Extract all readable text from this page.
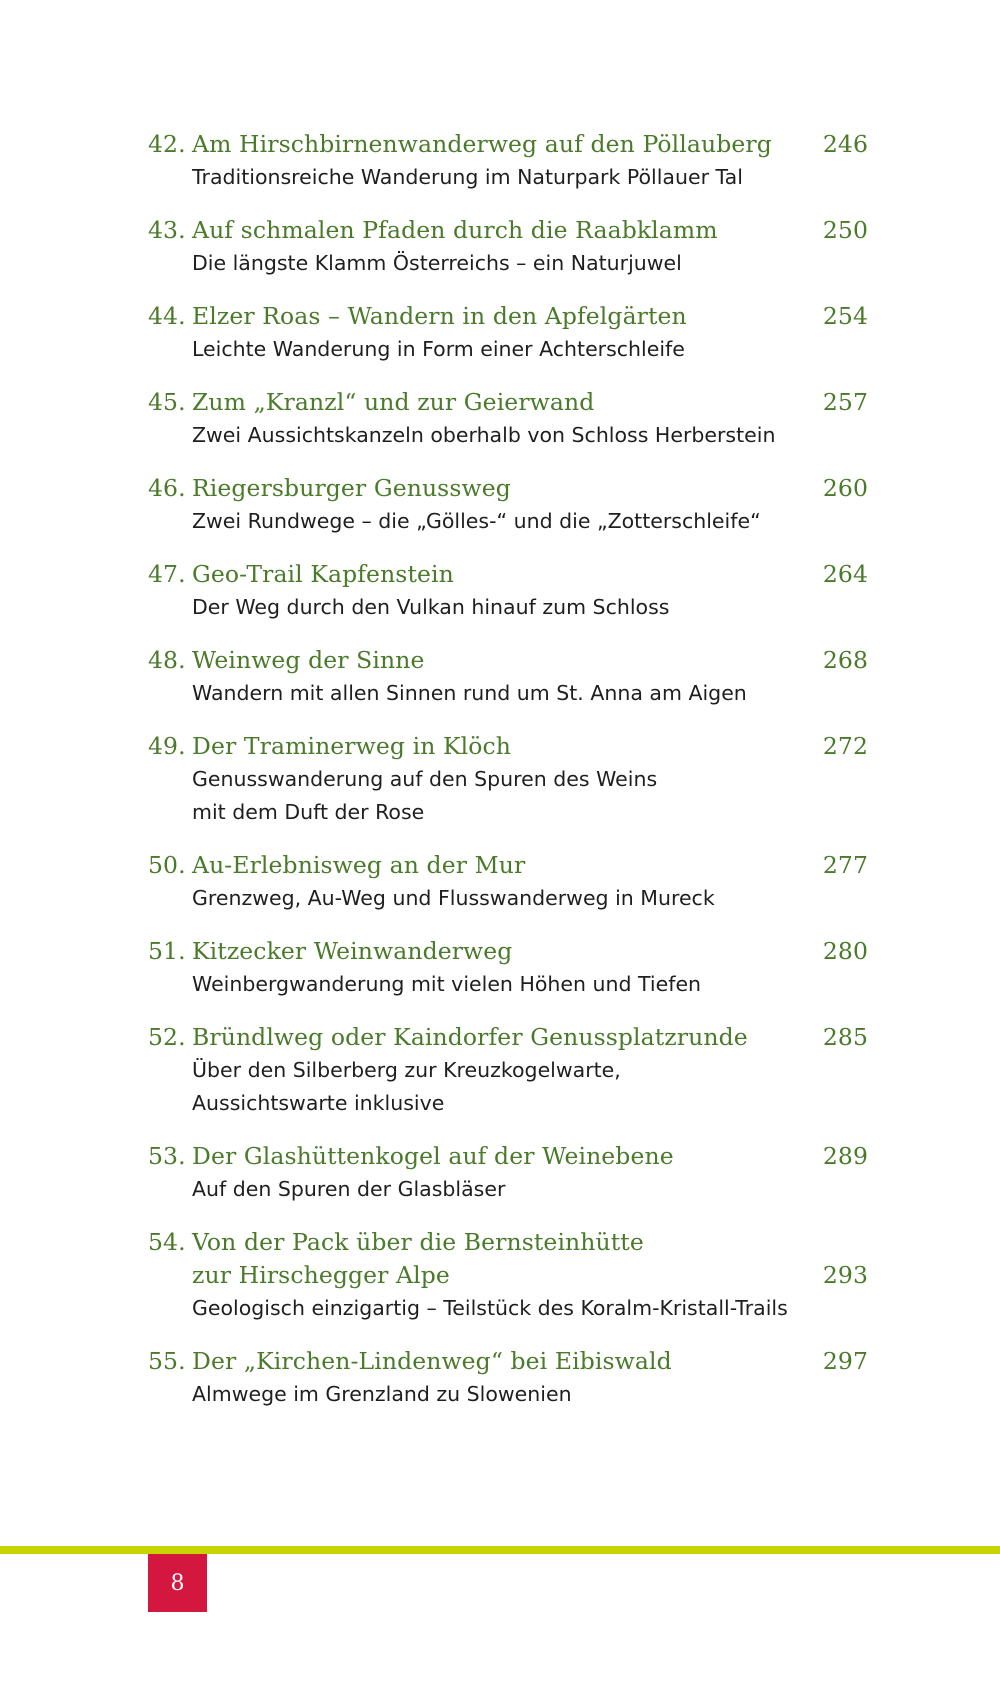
42. Am Hirschbirnenwanderweg auf den Pöllauberg	246
Traditionsreiche Wanderung im Naturpark Pöllauer Tal
43. Auf schmalen Pfaden durch die Raabklamm	250
Die längste Klamm Österreichs – ein Naturjuwel
44. Elzer Roas – Wandern in den Apfelgärten	254
Leichte Wanderung in Form einer Achterschleife
45. Zum „Kranzl“ und zur Geierwand	257
Zwei Aussichtskanzeln oberhalb von Schloss Herberstein
46. Riegersburger Genussweg	260
Zwei Rundwege – die „Gölles-“ und die „Zotterschleife“
47. Geo-Trail Kapfenstein	264
Der Weg durch den Vulkan hinauf zum Schloss
48. Weinweg der Sinne	268
Wandern mit allen Sinnen rund um St. Anna am Aigen
49. Der Traminerweg in Klöch	272
Genusswanderung auf den Spuren des Weins
mit dem Duft der Rose
50. Au-Erlebnisweg an der Mur	277
Grenzweg, Au-Weg und Flusswanderweg in Mureck
51. Kitzecker Weinwanderweg	280
Weinbergwanderung mit vielen Höhen und Tiefen
52. Bründlweg oder Kaindorfer Genussplatzrunde	285
Über den Silberberg zur Kreuzkogelwarte,
Aussichtswarte inklusive
53. Der Glashüttenkogel auf der Weinebene	289
Auf den Spuren der Glasbläser
54. Von der Pack über die Bernsteinhütte
zur Hirschegger Alpe	293
Geologisch einzigartig – Teilstück des Koralm-Kristall-Trails
55. Der „Kirchen-Lindenweg“ bei Eibiswald	297
Almwege im Grenzland zu Slowenien
8
